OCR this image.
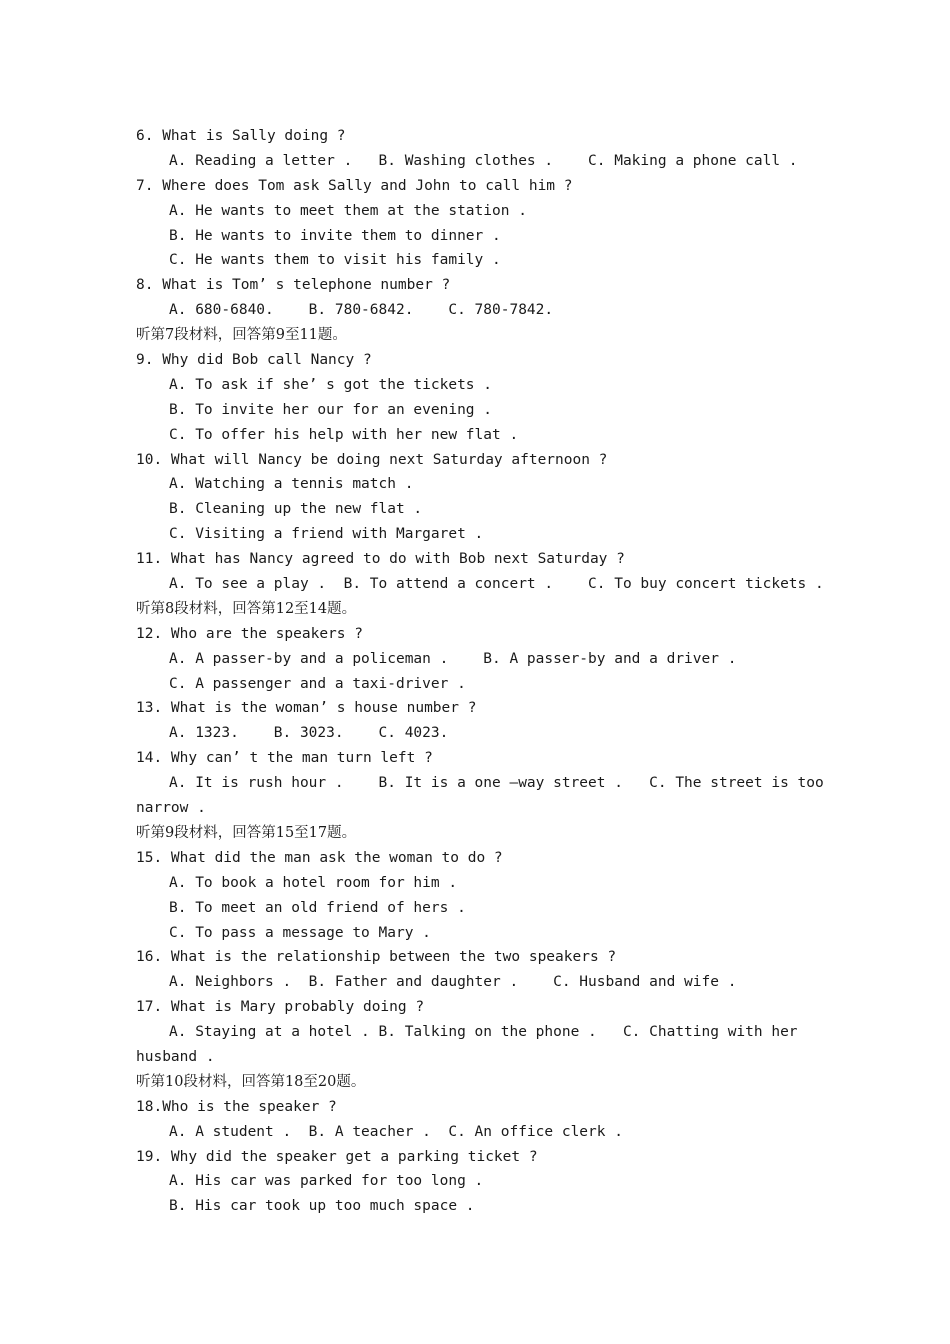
6. What is Sally doing ?
A. Reading a letter .   B. Washing clothes .    C. Making a phone call .
7. Where does Tom ask Sally and John to call him ?
A. He wants to meet them at the station .
B. He wants to invite them to dinner .
C. He wants them to visit his family .
8. What is Tom’ s telephone number ?
A. 680-6840.    B. 780-6842.    C. 780-7842.
听第7段材料，回答第9至11题。
9. Why did Bob call Nancy ?
A. To ask if she’ s got the tickets .
B. To invite her our for an evening .
C. To offer his help with her new flat .
10. What will Nancy be doing next Saturday afternoon ?
A. Watching a tennis match .
B. Cleaning up the new flat .
C. Visiting a friend with Margaret .
11. What has Nancy agreed to do with Bob next Saturday ?
A. To see a play .  B. To attend a concert .    C. To buy concert tickets .
听第8段材料，回答第12至14题。
12. Who are the speakers ?
A. A passer-by and a policeman .    B. A passer-by and a driver .
C. A passenger and a taxi-driver .
13. What is the woman’ s house number ?
A. 1323.    B. 3023.    C. 4023.
14. Why can’ t the man turn left ?
A. It is rush hour .    B. It is a one –way street .   C. The street is too
narrow .
听第9段材料，回答第15至17题。
15. What did the man ask the woman to do ?
A. To book a hotel room for him .
B. To meet an old friend of hers .
C. To pass a message to Mary .
16. What is the relationship between the two speakers ?
A. Neighbors .  B. Father and daughter .    C. Husband and wife .
17. What is Mary probably doing ?
A. Staying at a hotel . B. Talking on the phone .   C. Chatting with her
husband .
听第10段材料，回答第18至20题。
18.Who is the speaker ?
A. A student .  B. A teacher .  C. An office clerk .
19. Why did the speaker get a parking ticket ?
A. His car was parked for too long .
B. His car took up too much space .
